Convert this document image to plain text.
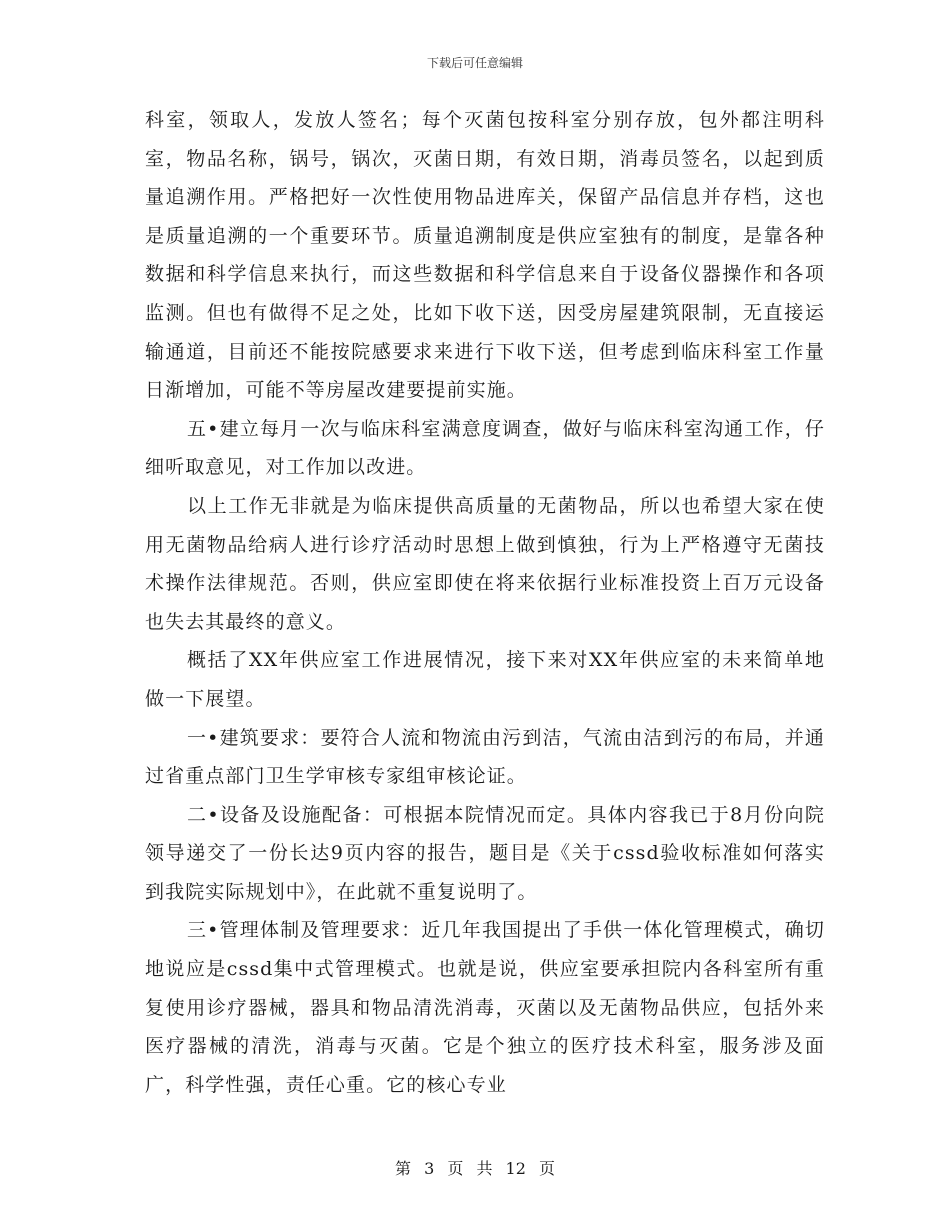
下载后可任意编辑

科室，领取人，发放人签名；每个灭菌包按科室分别存放，包外都注明科室，物品名称，锅号，锅次，灭菌日期，有效日期，消毒员签名，以起到质量追溯作用。严格把好一次性使用物品进库关，保留产品信息并存档，这也是质量追溯的一个重要环节。质量追溯制度是供应室独有的制度，是靠各种数据和科学信息来执行，而这些数据和科学信息来自于设备仪器操作和各项监测。但也有做得不足之处，比如下收下送，因受房屋建筑限制，无直接运输通道，目前还不能按院感要求来进行下收下送，但考虑到临床科室工作量日渐增加，可能不等房屋改建要提前实施。

五•建立每月一次与临床科室满意度调查，做好与临床科室沟通工作，仔细听取意见，对工作加以改进。

以上工作无非就是为临床提供高质量的无菌物品，所以也希望大家在使用无菌物品给病人进行诊疗活动时思想上做到慎独，行为上严格遵守无菌技术操作法律规范。否则，供应室即使在将来依据行业标准投资上百万元设备也失去其最终的意义。

概括了XX年供应室工作进展情况，接下来对XX年供应室的未来简单地做一下展望。

一•建筑要求：要符合人流和物流由污到洁，气流由洁到污的布局，并通过省重点部门卫生学审核专家组审核论证。

二•设备及设施配备：可根据本院情况而定。具体内容我已于8月份向院领导递交了一份长达9页内容的报告，题目是《关于cssd验收标准如何落实到我院实际规划中》，在此就不重复说明了。

三•管理体制及管理要求：近几年我国提出了手供一体化管理模式，确切地说应是cssd集中式管理模式。也就是说，供应室要承担院内各科室所有重复使用诊疗器械，器具和物品清洗消毒，灭菌以及无菌物品供应，包括外来医疗器械的清洗，消毒与灭菌。它是个独立的医疗技术科室，服务涉及面广，科学性强，责任心重。它的核心专业

第 3 页 共 12 页
